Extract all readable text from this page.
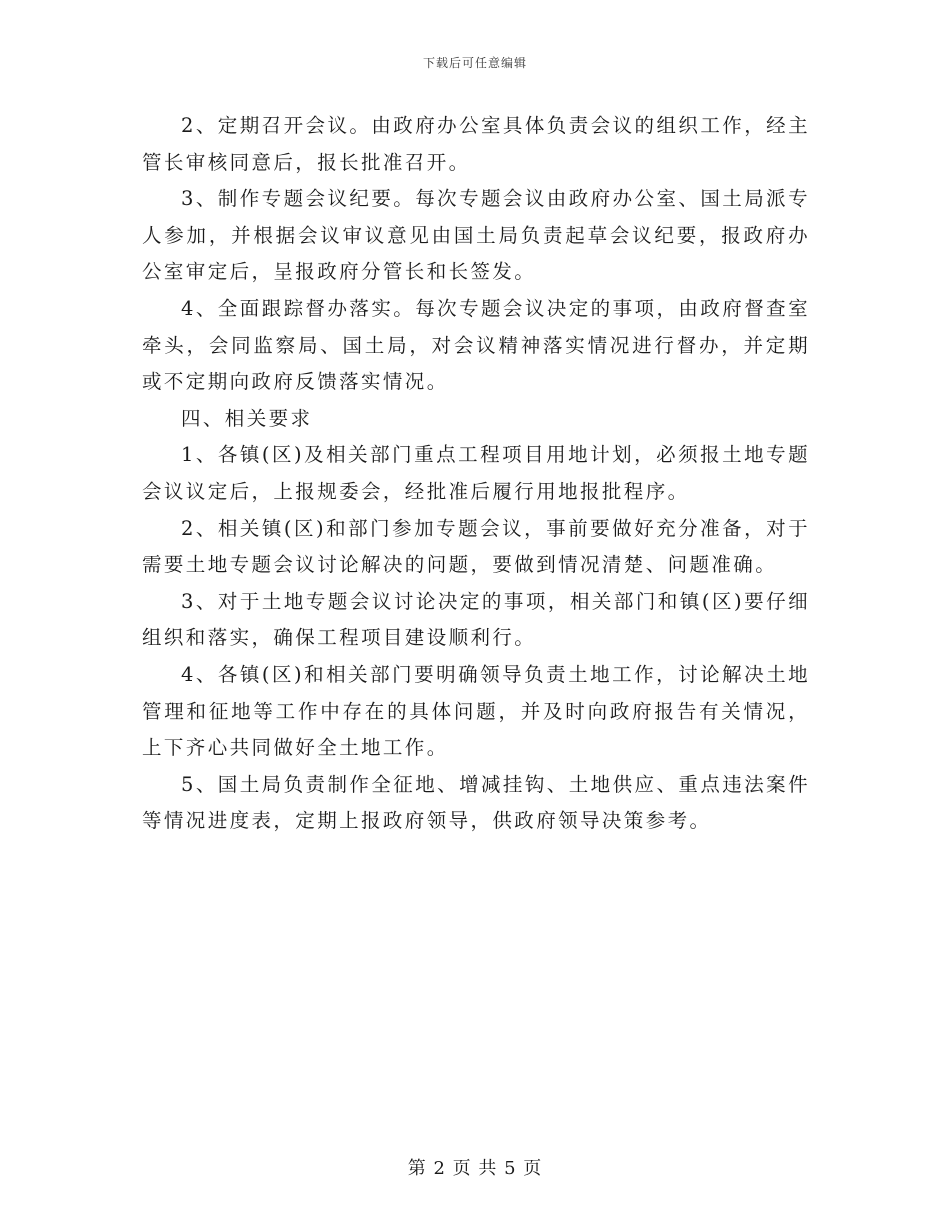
下载后可任意编辑

2、定期召开会议。由政府办公室具体负责会议的组织工作，经主管长审核同意后，报长批准召开。

3、制作专题会议纪要。每次专题会议由政府办公室、国土局派专人参加，并根据会议审议意见由国土局负责起草会议纪要，报政府办公室审定后，呈报政府分管长和长签发。

4、全面跟踪督办落实。每次专题会议决定的事项，由政府督查室牵头，会同监察局、国土局，对会议精神落实情况进行督办，并定期或不定期向政府反馈落实情况。

四、相关要求

1、各镇(区)及相关部门重点工程项目用地计划，必须报土地专题会议议定后，上报规委会，经批准后履行用地报批程序。

2、相关镇(区)和部门参加专题会议，事前要做好充分准备，对于需要土地专题会议讨论解决的问题，要做到情况清楚、问题准确。

3、对于土地专题会议讨论决定的事项，相关部门和镇(区)要仔细组织和落实，确保工程项目建设顺利行。

4、各镇(区)和相关部门要明确领导负责土地工作，讨论解决土地管理和征地等工作中存在的具体问题，并及时向政府报告有关情况，上下齐心共同做好全土地工作。

5、国土局负责制作全征地、增减挂钩、土地供应、重点违法案件等情况进度表，定期上报政府领导，供政府领导决策参考。

第 2 页 共 5 页
